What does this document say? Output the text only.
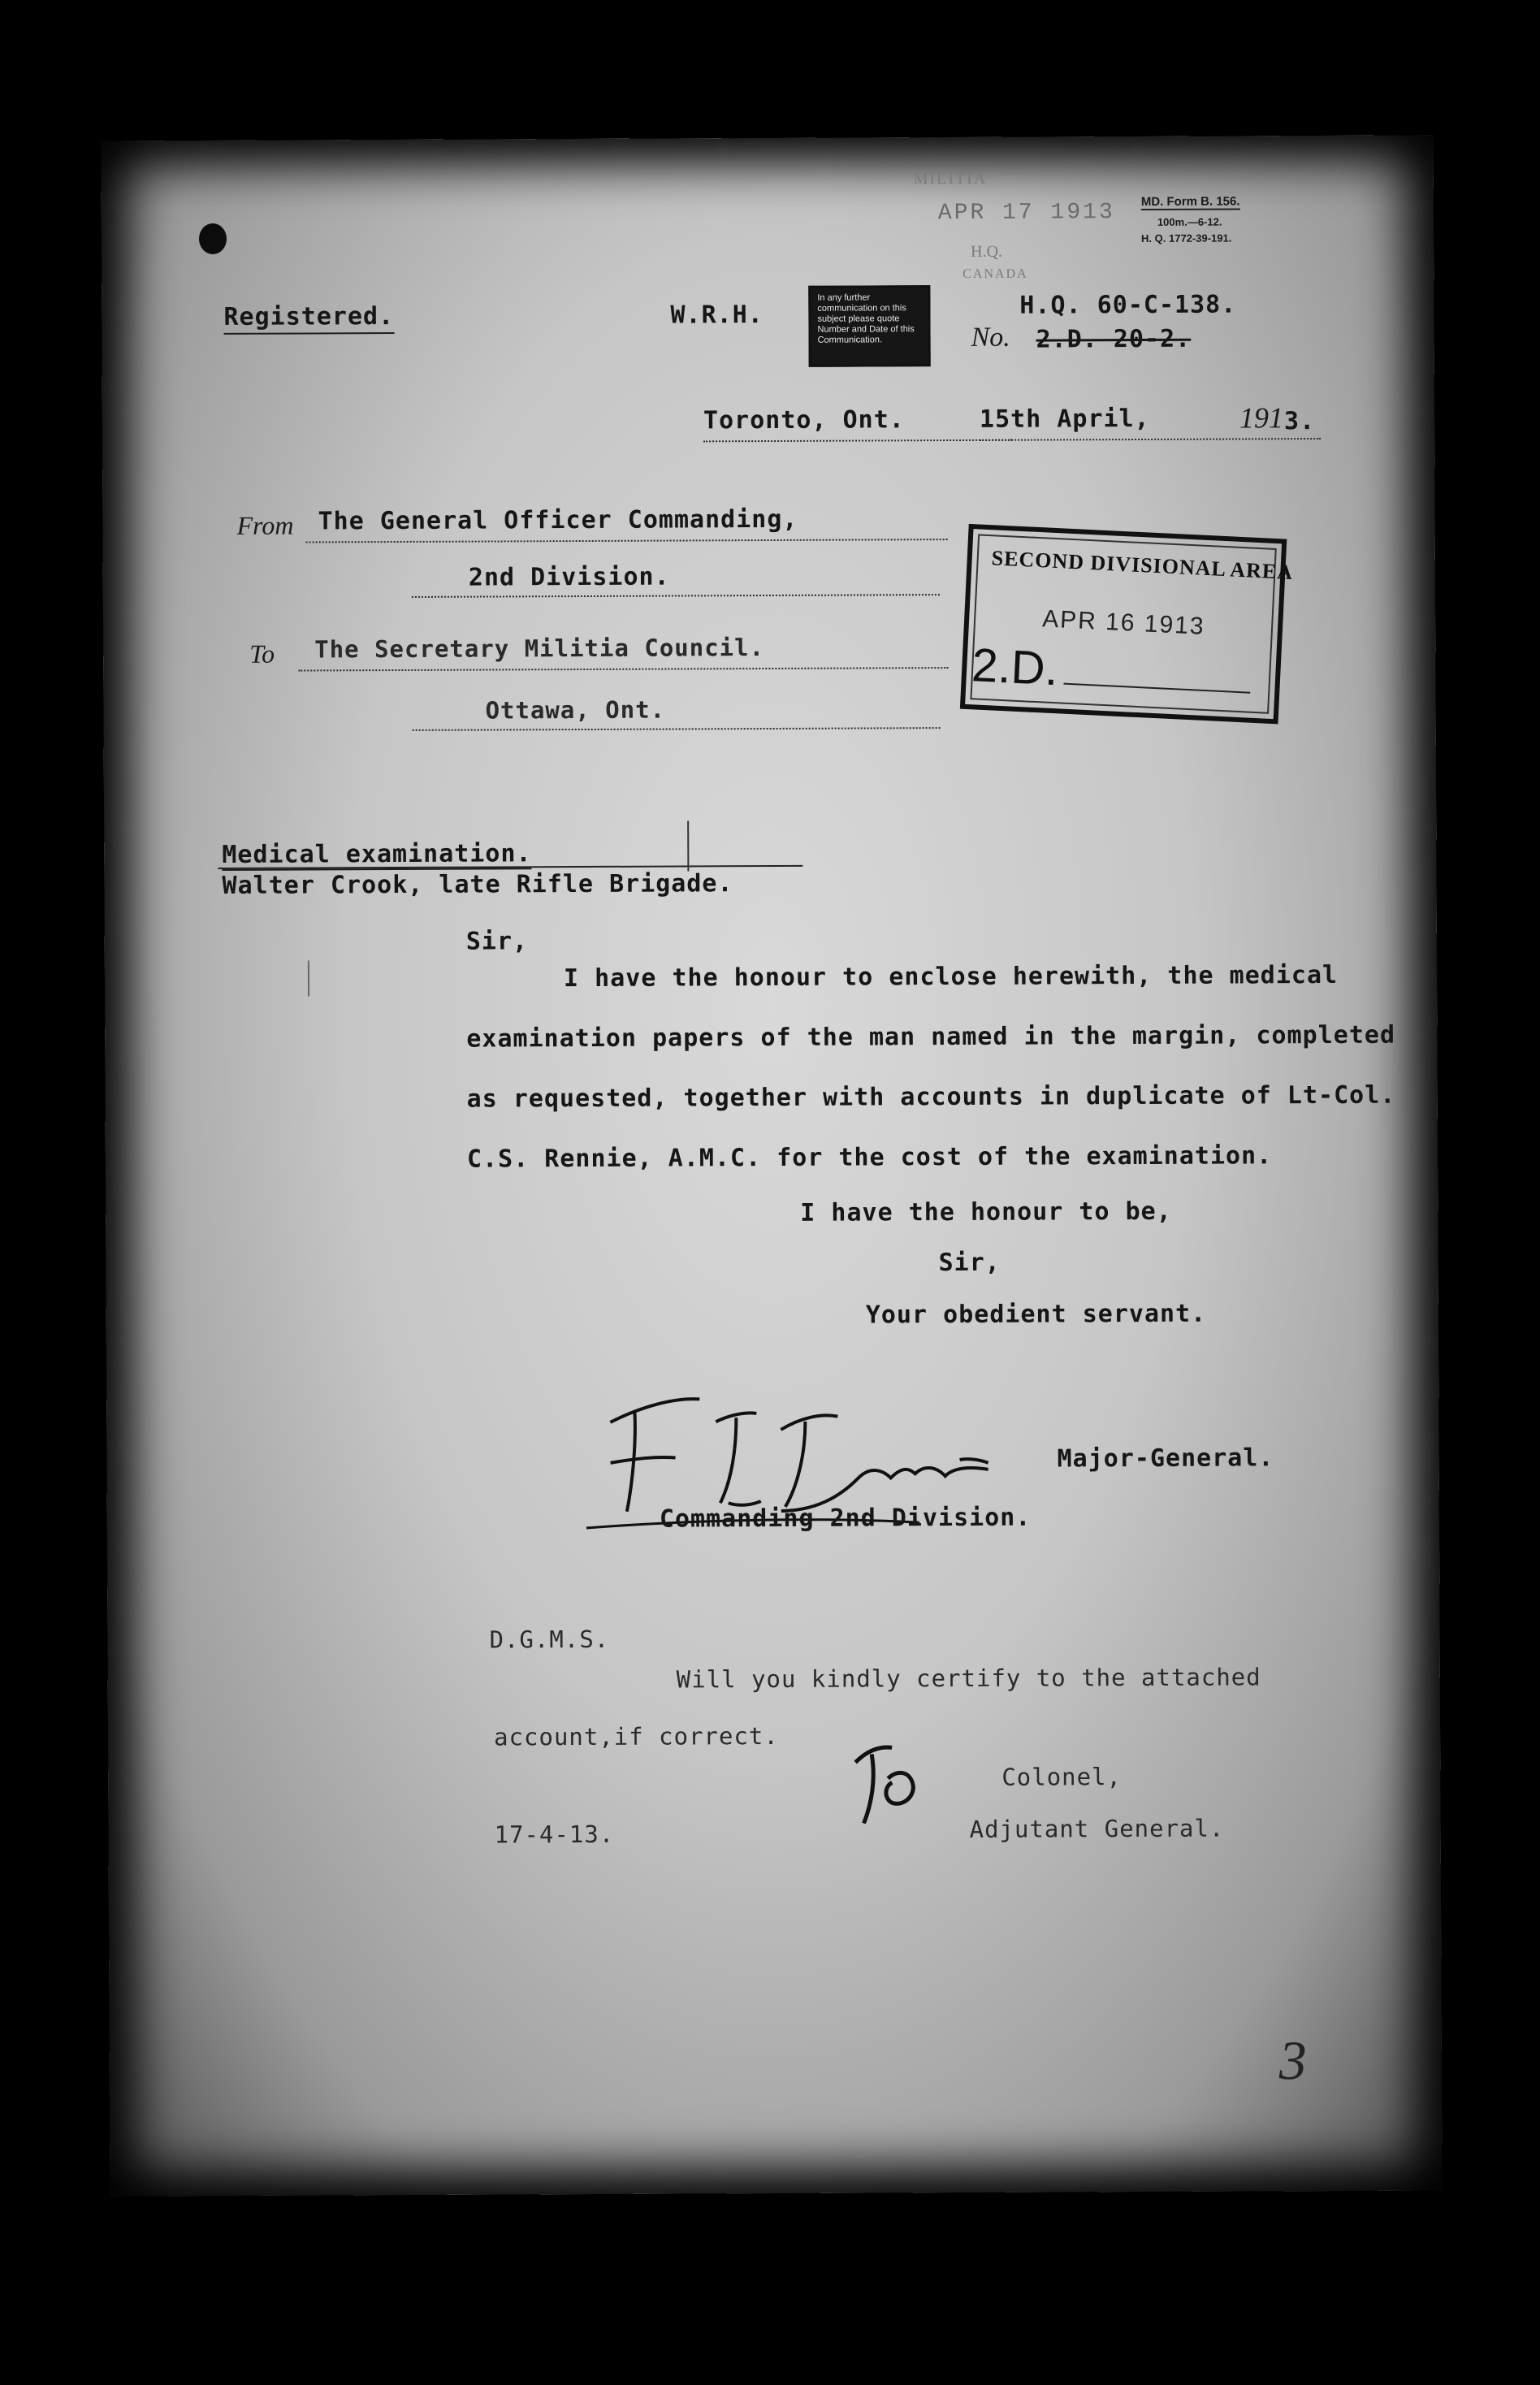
MILITIA
APR 17 1913
H.Q.
CANADA
MD. Form B. 156.
100m.—6-12.
H. Q. 1772-39-191.
Registered.	W.R.H.
In any further communication on this subject please quote Number and Date of this Communication.
H.Q. 60-C-138.
No. 2.D. 20-2.
Toronto, Ont.	15th April,	191 3.
From The General Officer Commanding,
2nd Division.
To The Secretary Militia Council.
Ottawa, Ont.
SECOND DIVISIONAL AREA
APR 16 1913
2.D.
Medical examination.
Walter Crook, late Rifle Brigade.
Sir,
I have the honour to enclose herewith, the medical
examination papers of the man named in the margin, completed
as requested, together with accounts in duplicate of Lt-Col.
C.S. Rennie, A.M.C. for the cost of the examination.
I have the honour to be,
Sir,
Your obedient servant.
Major-General.
Commanding 2nd Division.
D.G.M.S.
Will you kindly certify to the attached
account,if correct.
Colonel,
17-4-13.	Adjutant General.
3
